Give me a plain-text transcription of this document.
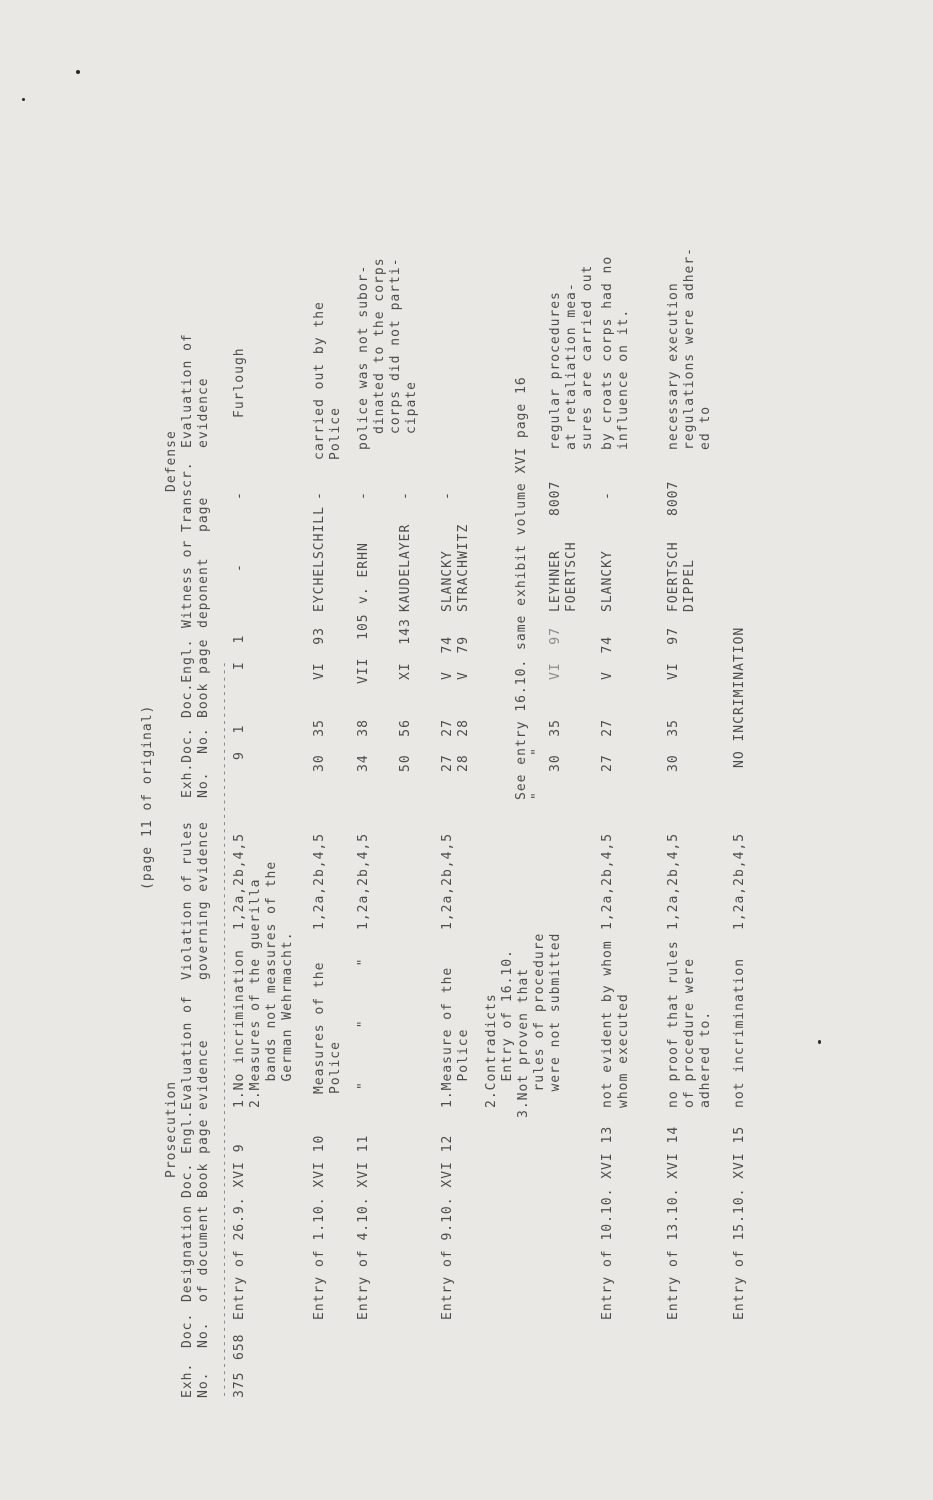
(page 11 of original)
Prosecution
Defense
Exh.
No.
Doc.
No.
Designation
of document
Doc. Engl.
Book page
Evaluation of
evidence
Violation of rules
governing evidence
Exh.Doc.
No.  No.
Doc.Engl.
Book page
Witness or
deponent
Transcr.
page
Evaluation of
evidence
------------------------------------------------------------------------------------------------------ 375
658
Entry of 26.9. XVI 9
1.No incrimination 2.Measures of the guerilla bands not measures of the German Wehrmacht.
1,2a,2b,4,5
9  1
I  1
-
-
Furlough
Entry of 1.10. XVI 10
Measures of the Police
1,2a,2b,4,5
30  35
VI  93
EYCHELSCHILL
-
carried out by the Police
Entry of 4.10. XVI 11
"      "      "
1,2a,2b,4,5
34  38
VII  105
v. ERHN
-
police was not subor- dinated to the corps corps did not parti- cipate
50  56
XI  143
KAUDELAYER
-
Entry of 9.10. XVI 12
1.Measure of the Police 2.Contradicts Entry of 16.10. 3.Not proven that rules of procedure were not submitted
1,2a,2b,4,5
27  27
28  28
V  74
V  79
SLANCKY
STRACHWITZ
-
"    "
See entry 16.10. same exhibit volume XVI page 16 30  35
VI  97
LEYHNER
FOERTSCH
8007
regular procedures at retaliation mea- sures are carried out
Entry of 10.10. XVI 13
not evident by whom whom executed
1,2a,2b,4,5
27  27
V  74
SLANCKY
-
by croats corps had no influence on it.
Entry of 13.10. XVI 14
no proof that rules of procedure were adhered to.
1,2a,2b,4,5
30  35
VI  97
FOERTSCH
DIPPEL
8007
necessary execution regulations were adher- ed to
Entry of 15.10. XVI 15
not incrimination
1,2a,2b,4,5
NO INCRIMINATION
